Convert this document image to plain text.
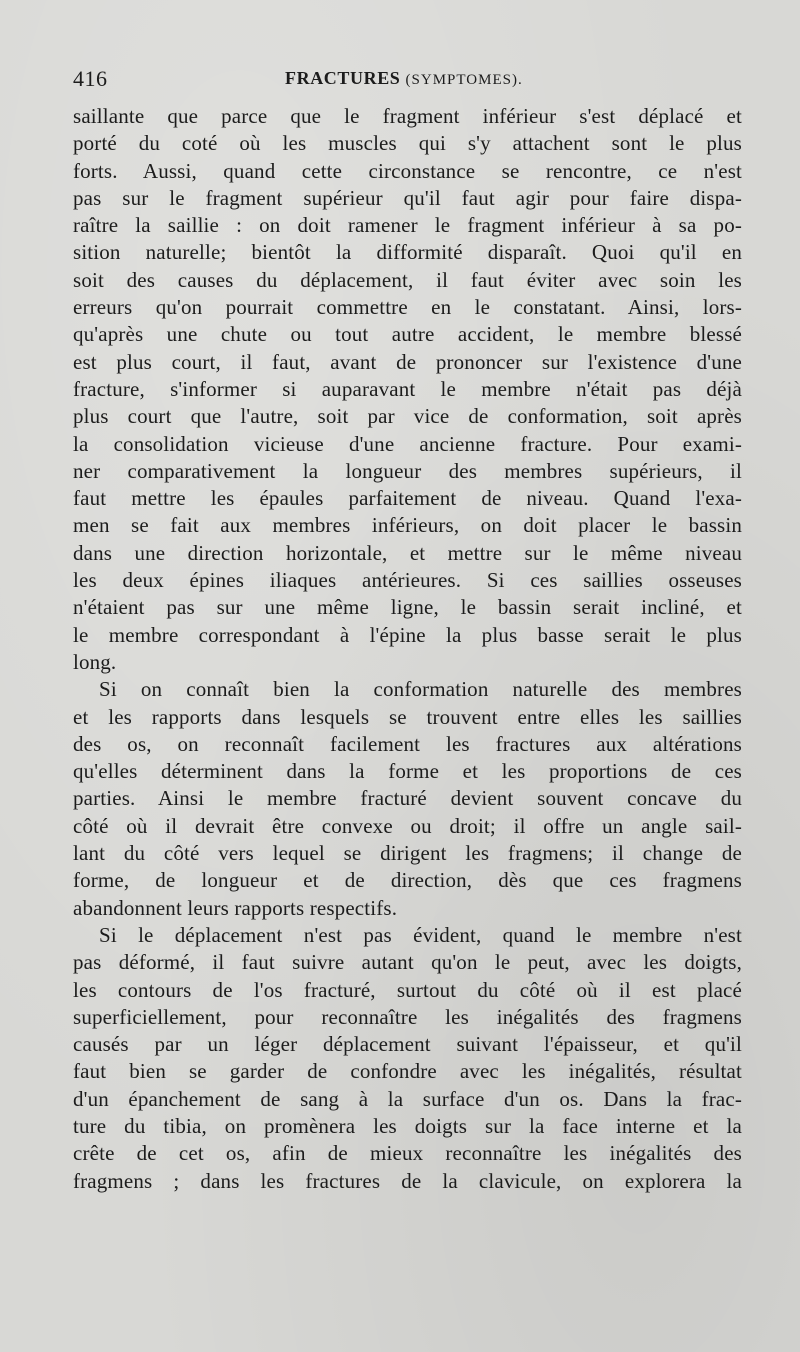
416	FRACTURES (SYMPTOMES).
saillante que parce que le fragment inférieur s'est déplacé et
porté du coté où les muscles qui s'y attachent sont le plus
forts. Aussi, quand cette circonstance se rencontre, ce n'est
pas sur le fragment supérieur qu'il faut agir pour faire dispa-
raître la saillie : on doit ramener le fragment inférieur à sa po-
sition naturelle; bientôt la difformité disparaît. Quoi qu'il en
soit des causes du déplacement, il faut éviter avec soin les
erreurs qu'on pourrait commettre en le constatant. Ainsi, lors-
qu'après une chute ou tout autre accident, le membre blessé
est plus court, il faut, avant de prononcer sur l'existence d'une
fracture, s'informer si auparavant le membre n'était pas déjà
plus court que l'autre, soit par vice de conformation, soit après
la consolidation vicieuse d'une ancienne fracture. Pour exami-
ner comparativement la longueur des membres supérieurs, il
faut mettre les épaules parfaitement de niveau. Quand l'exa-
men se fait aux membres inférieurs, on doit placer le bassin
dans une direction horizontale, et mettre sur le même niveau
les deux épines iliaques antérieures. Si ces saillies osseuses
n'étaient pas sur une même ligne, le bassin serait incliné, et
le membre correspondant à l'épine la plus basse serait le plus
long.
Si on connaît bien la conformation naturelle des membres
et les rapports dans lesquels se trouvent entre elles les saillies
des os, on reconnaît facilement les fractures aux altérations
qu'elles déterminent dans la forme et les proportions de ces
parties. Ainsi le membre fracturé devient souvent concave du
côté où il devrait être convexe ou droit; il offre un angle sail-
lant du côté vers lequel se dirigent les fragmens; il change de
forme, de longueur et de direction, dès que ces fragmens
abandonnent leurs rapports respectifs.
Si le déplacement n'est pas évident, quand le membre n'est
pas déformé, il faut suivre autant qu'on le peut, avec les doigts,
les contours de l'os fracturé, surtout du côté où il est placé
superficiellement, pour reconnaître les inégalités des fragmens
causés par un léger déplacement suivant l'épaisseur, et qu'il
faut bien se garder de confondre avec les inégalités, résultat
d'un épanchement de sang à la surface d'un os. Dans la frac-
ture du tibia, on promènera les doigts sur la face interne et la
crête de cet os, afin de mieux reconnaître les inégalités des
fragmens ; dans les fractures de la clavicule, on explorera la
